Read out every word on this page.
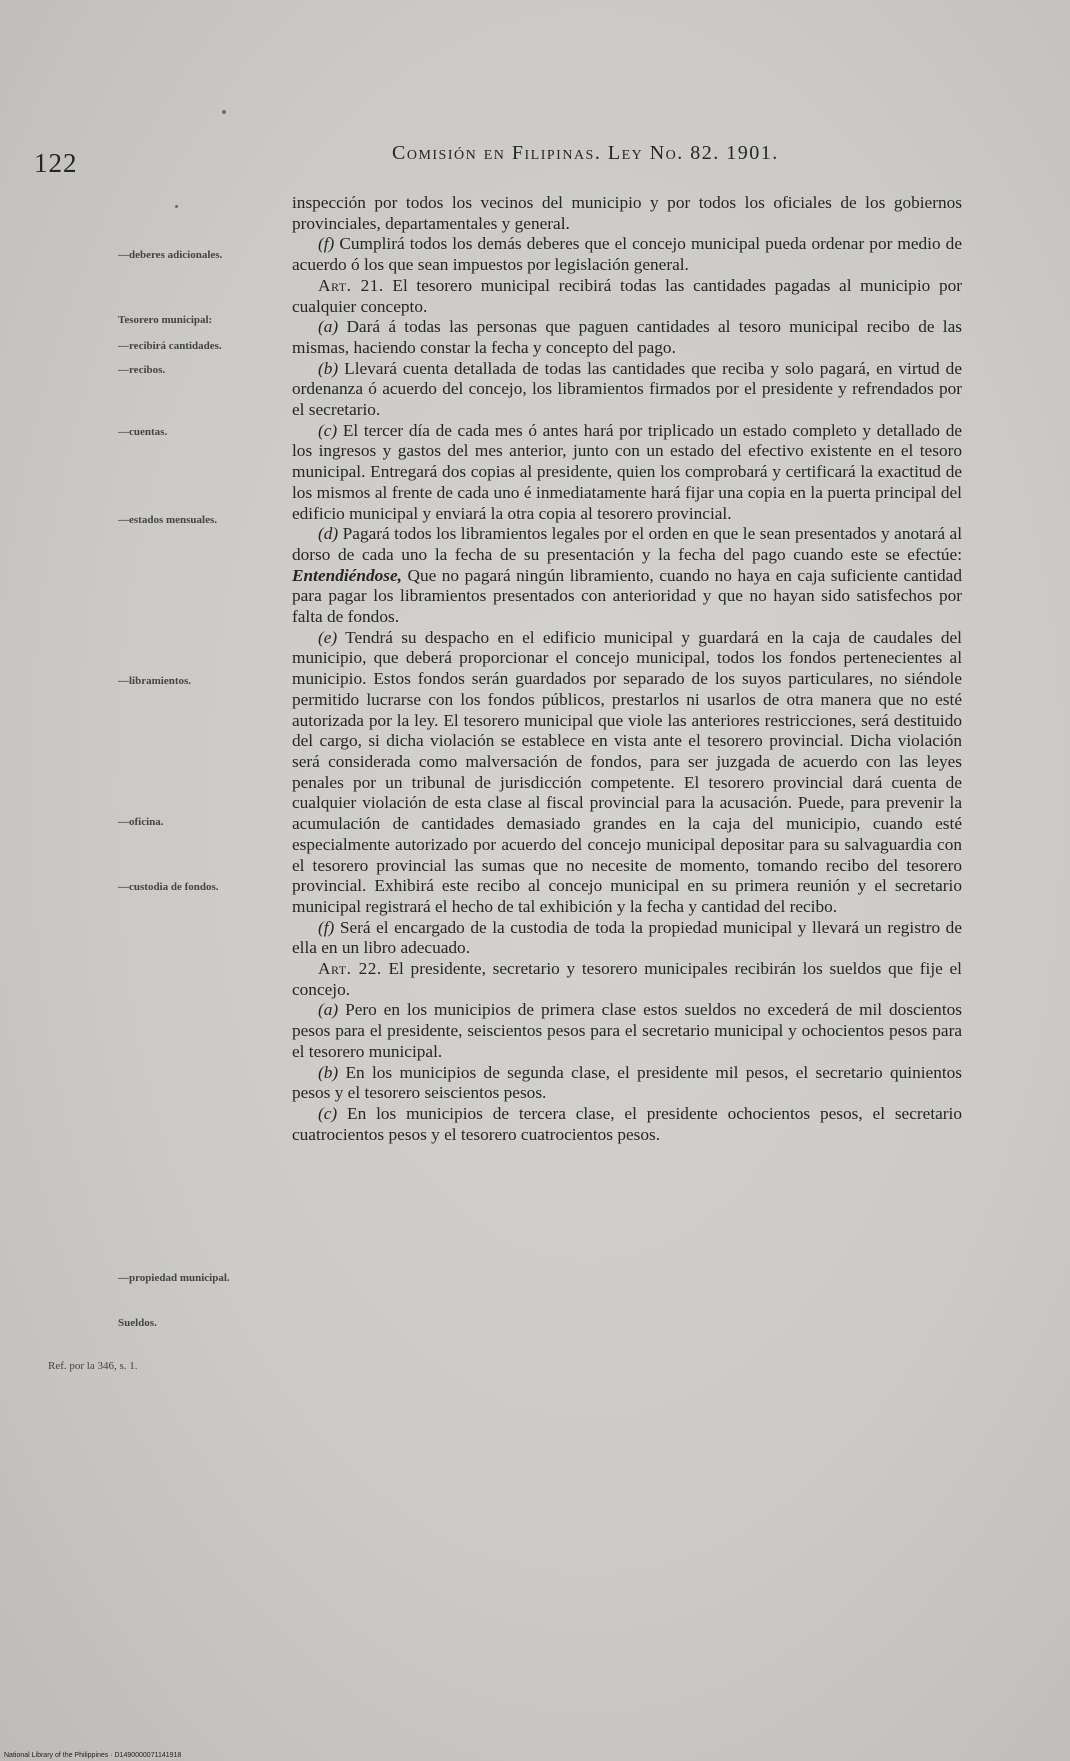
122	Comisión en Filipinas. Ley No. 82. 1901.
—deberes adicionales.
Tesorero municipal:
—recibirá cantidades.
—recibos.
—cuentas.
—estados mensuales.
—libramientos.
—oficina.
—custodia de fondos.
—propiedad municipal.
Sueldos.
Ref. por la 346, s. 1.

inspección por todos los vecinos del municipio y por todos los oficiales de los gobiernos provinciales, departamentales y general.

(f) Cumplirá todos los demás deberes que el concejo municipal pueda ordenar por medio de acuerdo ó los que sean impuestos por legislación general.

Art. 21. El tesorero municipal recibirá todas las cantidades pagadas al municipio por cualquier concepto.

(a) Dará á todas las personas que paguen cantidades al tesoro municipal recibo de las mismas, haciendo constar la fecha y concepto del pago.

(b) Llevará cuenta detallada de todas las cantidades que reciba y solo pagará, en virtud de ordenanza ó acuerdo del concejo, los libramientos firmados por el presidente y refrendados por el secretario.

(c) El tercer día de cada mes ó antes hará por triplicado un estado completo y detallado de los ingresos y gastos del mes anterior, junto con un estado del efectivo existente en el tesoro municipal. Entregará dos copias al presidente, quien los comprobará y certificará la exactitud de los mismos al frente de cada uno é inmediatamente hará fijar una copia en la puerta principal del edificio municipal y enviará la otra copia al tesorero provincial.

(d) Pagará todos los libramientos legales por el orden en que le sean presentados y anotará al dorso de cada uno la fecha de su presentación y la fecha del pago cuando este se efectúe: Entendiéndose, Que no pagará ningún libramiento, cuando no haya en caja suficiente cantidad para pagar los libramientos presentados con anterioridad y que no hayan sido satisfechos por falta de fondos.

(e) Tendrá su despacho en el edificio municipal y guardará en la caja de caudales del municipio, que deberá proporcionar el concejo municipal, todos los fondos pertenecientes al municipio. Estos fondos serán guardados por separado de los suyos particulares, no siéndole permitido lucrarse con los fondos públicos, prestarlos ni usarlos de otra manera que no esté autorizada por la ley. El tesorero municipal que viole las anteriores restricciones, será destituido del cargo, si dicha violación se establece en vista ante el tesorero provincial. Dicha violación será considerada como malversación de fondos, para ser juzgada de acuerdo con las leyes penales por un tribunal de jurisdicción competente. El tesorero provincial dará cuenta de cualquier violación de esta clase al fiscal provincial para la acusación. Puede, para prevenir la acumulación de cantidades demasiado grandes en la caja del municipio, cuando esté especialmente autorizado por acuerdo del concejo municipal depositar para su salvaguardia con el tesorero provincial las sumas que no necesite de momento, tomando recibo del tesorero provincial. Exhibirá este recibo al concejo municipal en su primera reunión y el secretario municipal registrará el hecho de tal exhibición y la fecha y cantidad del recibo.

(f) Será el encargado de la custodia de toda la propiedad municipal y llevará un registro de ella en un libro adecuado.

Art. 22. El presidente, secretario y tesorero municipales recibirán los sueldos que fije el concejo.

(a) Pero en los municipios de primera clase estos sueldos no excederá de mil doscientos pesos para el presidente, seiscientos pesos para el secretario municipal y ochocientos pesos para el tesorero municipal.

(b) En los municipios de segunda clase, el presidente mil pesos, el secretario quinientos pesos y el tesorero seiscientos pesos.

(c) En los municipios de tercera clase, el presidente ochocientos pesos, el secretario cuatrocientos pesos y el tesorero cuatrocientos pesos.

National Library of the Philippines · D1490000071141918
